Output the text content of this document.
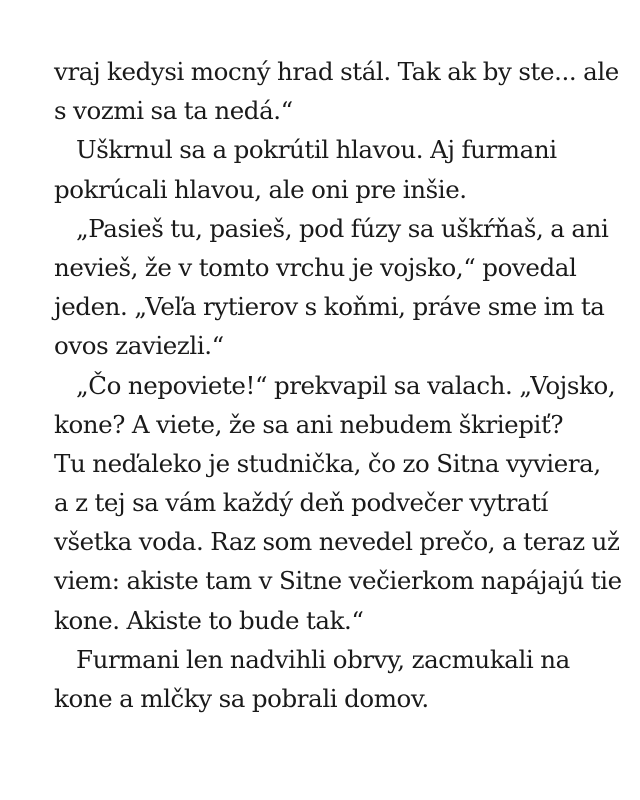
vraj kedysi mocný hrad stál. Tak ak by ste... ale
s vozmi sa ta nedá.“
Uškrnul sa a pokrútil hlavou. Aj furmani
pokrúcali hlavou, ale oni pre inšie.
„Pasieš tu, pasieš, pod fúzy sa uškŕňaš, a ani
nevieš, že v tomto vrchu je vojsko,“ povedal
jeden. „Veľa rytierov s koňmi, práve sme im ta
ovos zaviezli.“
„Čo nepoviete!“ prekvapil sa valach. „Vojsko,
kone? A viete, že sa ani nebudem škriepiť?
Tu neďaleko je studnička, čo zo Sitna vyviera,
a z tej sa vám každý deň podvečer vytratí
všetka voda. Raz som nevedel prečo, a teraz už
viem: akiste tam v Sitne večierkom napájajú tie
kone. Akiste to bude tak.“
Furmani len nadvihli obrvy, zacmukali na
kone a mlčky sa pobrali domov.
